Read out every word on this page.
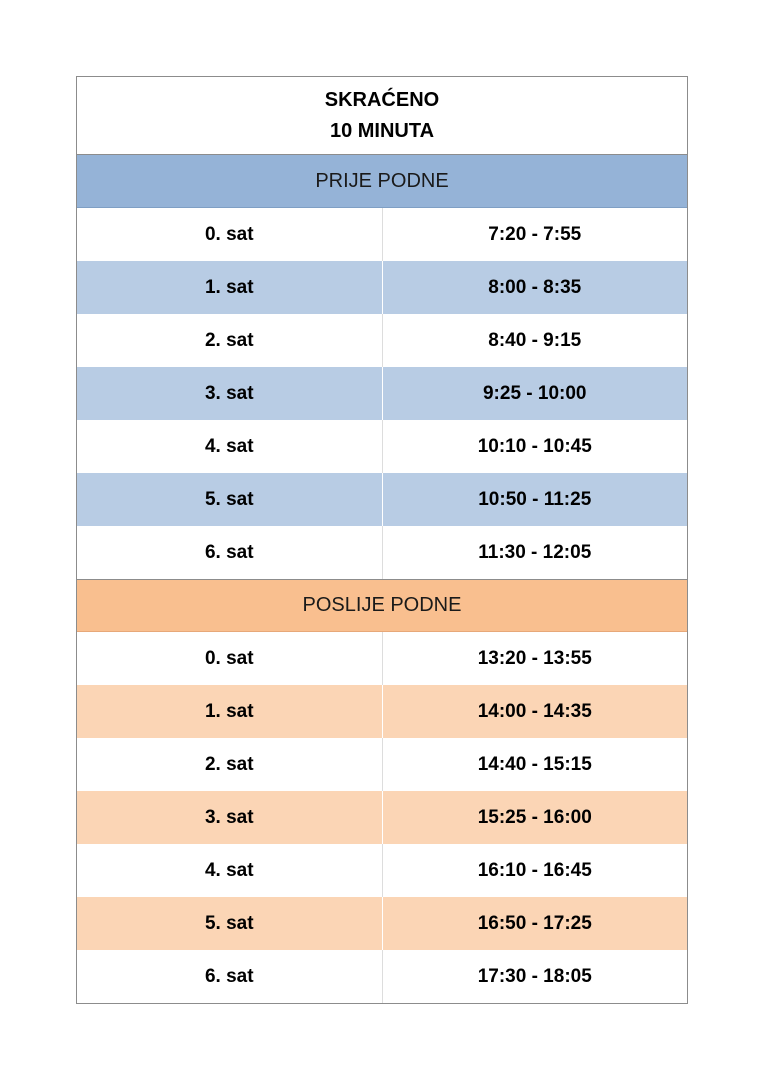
SKRAĆENO
10 MINUTA
PRIJE PODNE
0. sat	7:20 - 7:55
1. sat	8:00 - 8:35
2. sat	8:40 - 9:15
3. sat	9:25 - 10:00
4. sat	10:10 - 10:45
5. sat	10:50 - 11:25
6. sat	11:30 - 12:05
POSLIJE PODNE
0. sat	13:20 - 13:55
1. sat	14:00 - 14:35
2. sat	14:40 - 15:15
3. sat	15:25 - 16:00
4. sat	16:10 - 16:45
5. sat	16:50 - 17:25
6. sat	17:30 - 18:05
